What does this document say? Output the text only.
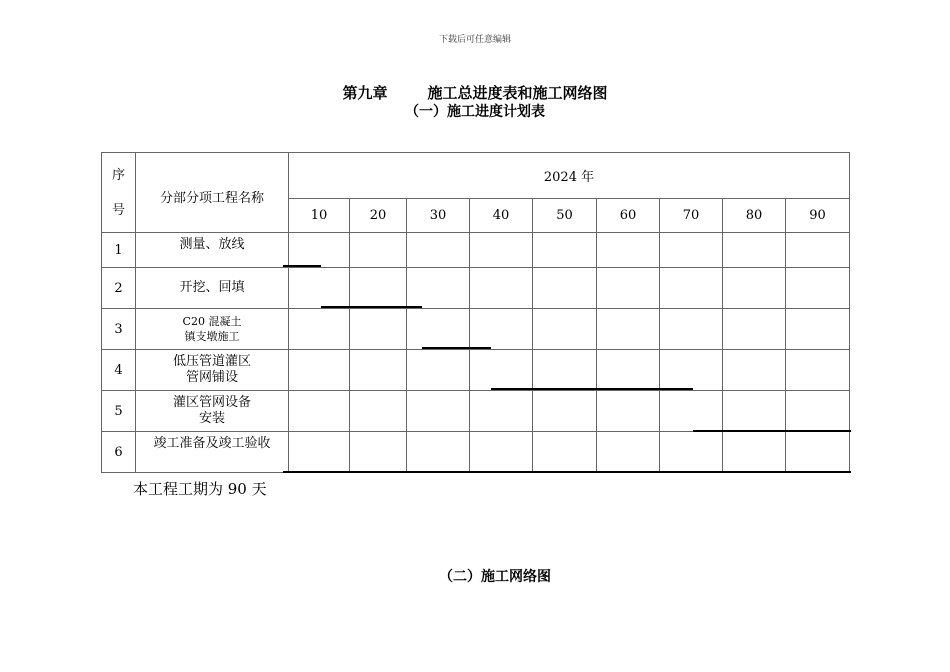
下载后可任意编辑
第九章	施工总进度表和施工网络图
（一）施工进度计划表
序
号	分部分项工程名称	2024 年								
		10	20	30	40	50	60	70	80	90
1	测量、放线									
2	开挖、回填									
3	C20 混凝土
镇支墩施工									

4	低压管道灌区
管网铺设									

5	灌区管网设备
安装									

6	竣工准备及竣工验收									
本工程工期为 90 天
（二）施工网络图
